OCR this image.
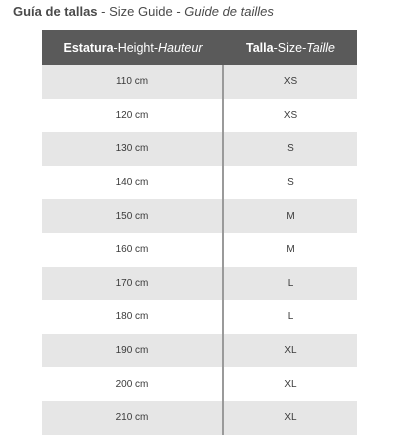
Guía de tallas - Size Guide - Guide de tailles
Estatura - Height - Hauteur	Talla - Size - Taille
110 cm	XS
120 cm	XS
130 cm	S
140 cm	S
150 cm	M
160 cm	M
170 cm	L
180 cm	L
190 cm	XL
200 cm	XL
210 cm	XL
